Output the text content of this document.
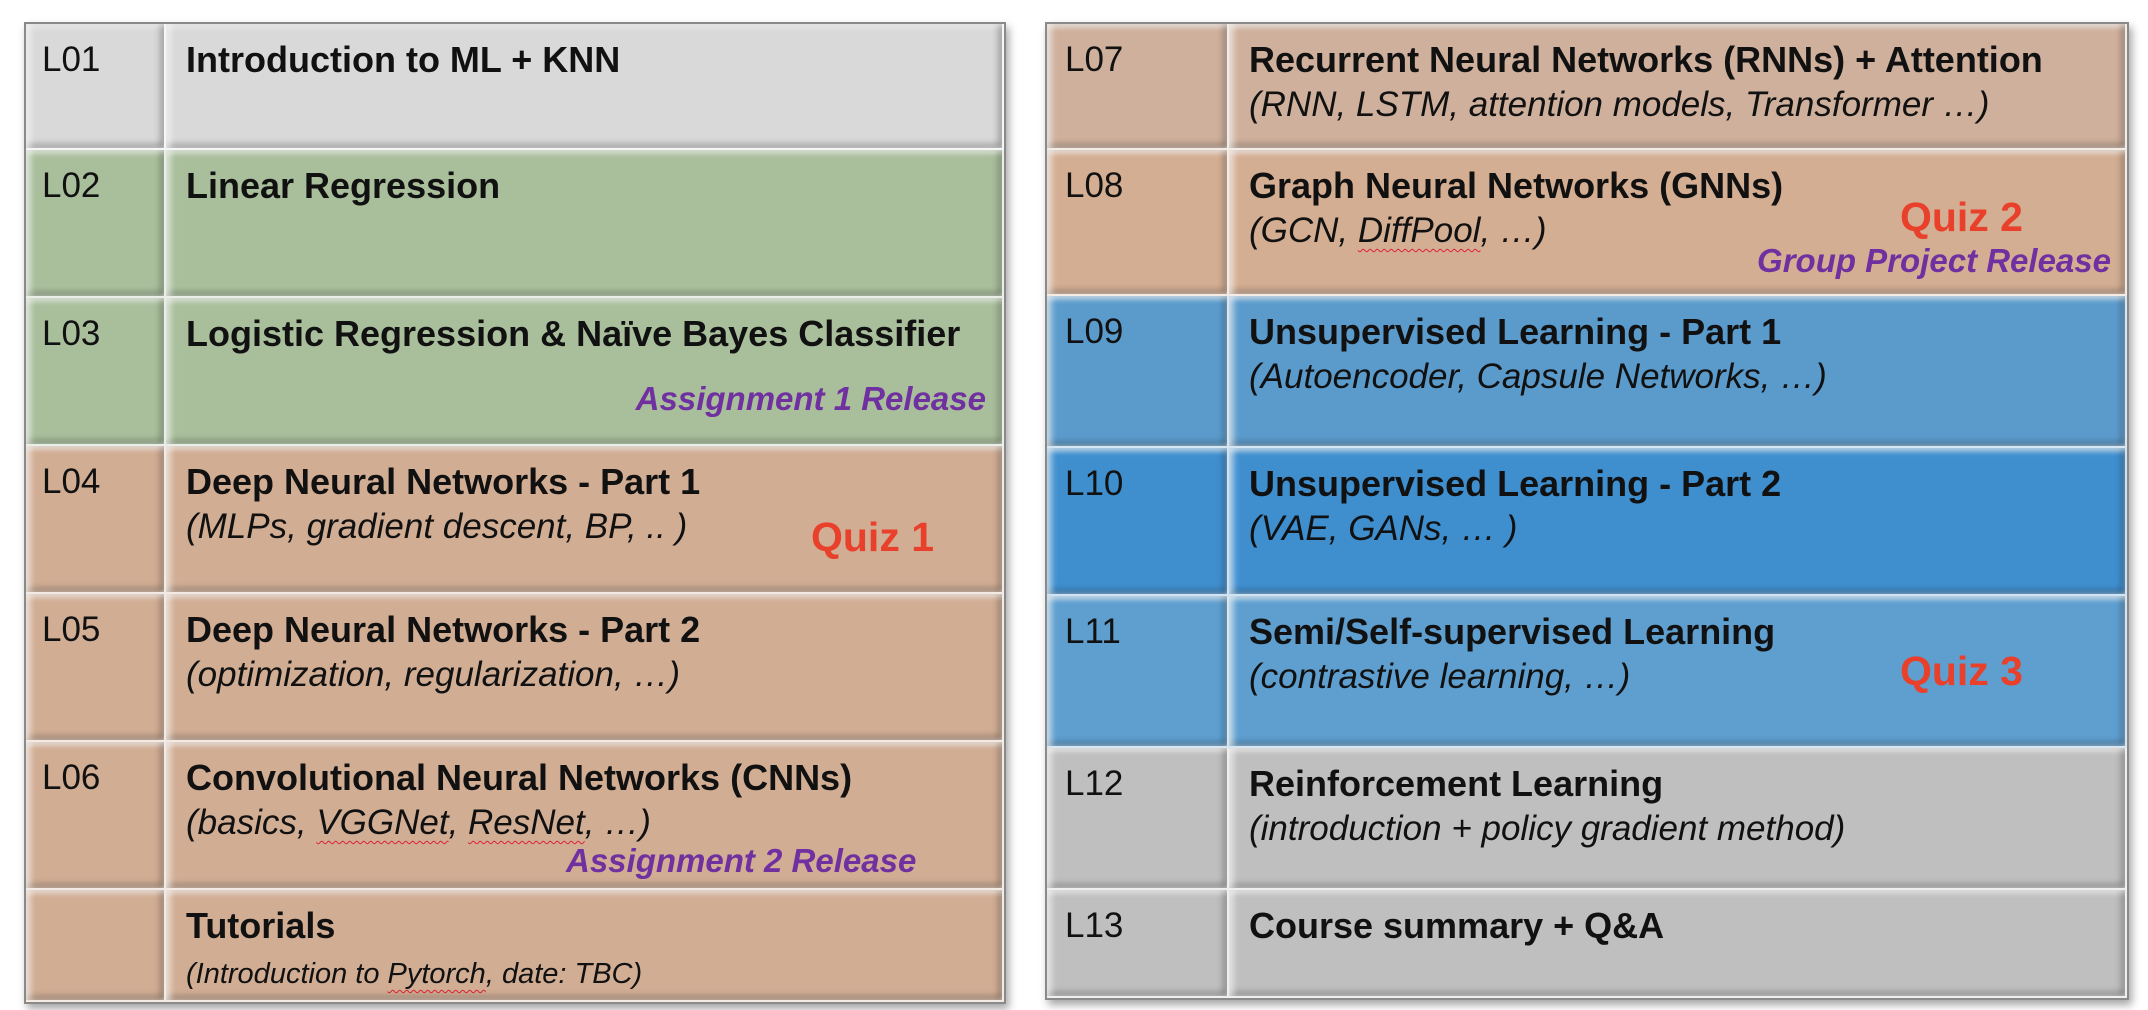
L01	Introduction to ML + KNN
L02	Linear Regression
L03	Logistic Regression & Naïve Bayes Classifier
Assignment 1 Release
L04	Deep Neural Networks - Part 1
(MLPs, gradient descent, BP, .. )	Quiz 1
L05	Deep Neural Networks - Part 2
(optimization, regularization, …)
L06	Convolutional Neural Networks (CNNs)
(basics, VGGNet, ResNet, …)
Assignment 2 Release
Tutorials
(Introduction to Pytorch, date: TBC)
L07	Recurrent Neural Networks (RNNs) + Attention
(RNN, LSTM, attention models, Transformer …)
L08	Graph Neural Networks (GNNs)
(GCN, DiffPool, …)	Quiz 2
Group Project Release
L09	Unsupervised Learning - Part 1
(Autoencoder, Capsule Networks, …)
L10	Unsupervised Learning - Part 2
(VAE, GANs, … )
L11	Semi/Self-supervised Learning
(contrastive learning, …)	Quiz 3
L12	Reinforcement Learning
(introduction + policy gradient method)
L13	Course summary + Q&A
